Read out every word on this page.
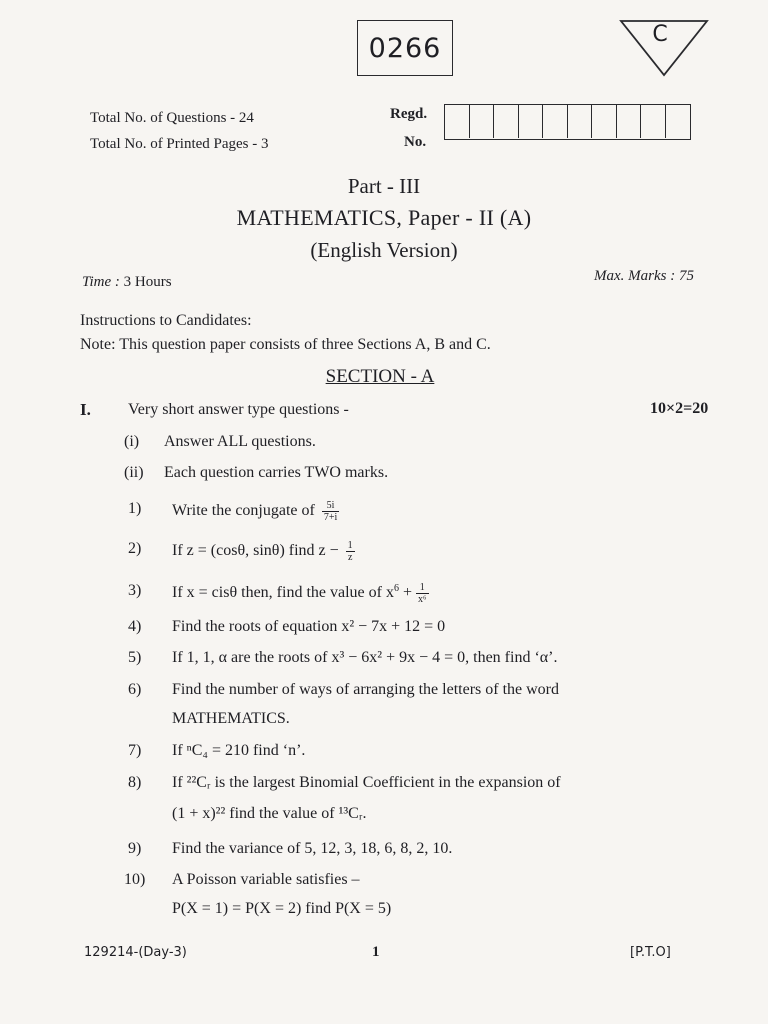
0266	C
Total No. of Questions - 24
Total No. of Printed Pages - 3
Regd.
No.
Part - III
MATHEMATICS, Paper - II (A)
(English Version)
Time : 3 Hours	Max. Marks : 75
Instructions to Candidates:
Note: This question paper consists of three Sections A, B and C.
SECTION - A
I. Very short answer type questions -	10×2=20
(i) Answer ALL questions.
(ii) Each question carries TWO marks.
1) Write the conjugate of $\frac{5i}{7+i}$
2) If z = (cosθ, sinθ) find $z - \frac{1}{z}$
3) If x = cisθ then, find the value of $x^6 + \frac{1}{\text{x⁶}}$
4) Find the roots of equation x² − 7x + 12 = 0
5) If 1, 1, α are the roots of x³ − 6x² + 9x − 4 = 0, then find ‘α’.
6) Find the number of ways of arranging the letters of the word
MATHEMATICS.
7) If ⁿC₄ = 210 find ‘n’.
8) If ²²Cᵣ is the largest Binomial Coefficient in the expansion of
(1 + x)²² find the value of ¹³Cᵣ.
9) Find the variance of 5, 12, 3, 18, 6, 8, 2, 10.
10) A Poisson variable satisfies –
P(X = 1) = P(X = 2) find P(X = 5)
129214-(Day-3)	1	[P.T.O]
